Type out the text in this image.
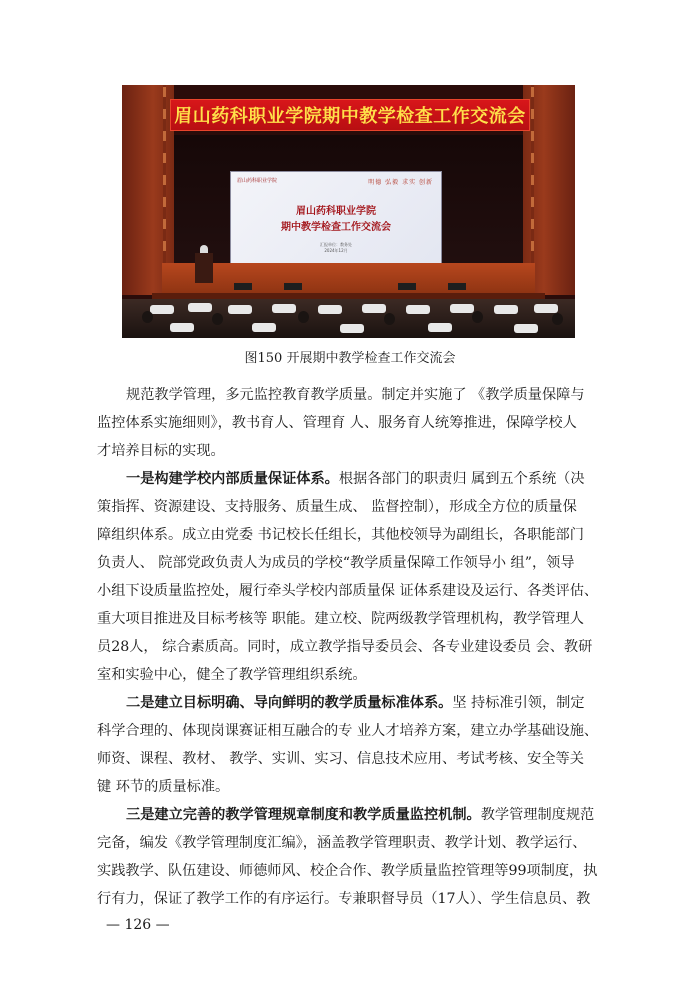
眉山药科职业学院期中教学检查工作交流会
眉山药科职业学院	明德 弘毅 求实 创新
眉山药科职业学院
期中教学检查工作交流会
汇报单位：教务处
2024年12月
图150 开展期中教学检查工作交流会
规范教学管理，多元监控教育教学质量。制定并实施了 《教学质量保障与
监控体系实施细则》，教书育人、管理育 人、服务育人统筹推进，保障学校人
才培养目标的实现。
一是构建学校内部质量保证体系。根据各部门的职责归 属到五个系统（决
策指挥、资源建设、支持服务、质量生成、 监督控制），形成全方位的质量保
障组织体系。成立由党委 书记校长任组长，其他校领导为副组长，各职能部门
负责人、 院部党政负责人为成员的学校“教学质量保障工作领导小 组”，领导
小组下设质量监控处，履行牵头学校内部质量保 证体系建设及运行、各类评估、
重大项目推进及目标考核等 职能。建立校、院两级教学管理机构，教学管理人
员28人， 综合素质高。同时，成立教学指导委员会、各专业建设委员 会、教研
室和实验中心，健全了教学管理组织系统。
二是建立目标明确、导向鲜明的教学质量标准体系。坚 持标准引领，制定
科学合理的、体现岗课赛证相互融合的专 业人才培养方案，建立办学基础设施、
师资、课程、教材、 教学、实训、实习、信息技术应用、考试考核、安全等关
键 环节的质量标准。
三是建立完善的教学管理规章制度和教学质量监控机制。教学管理制度规范
完备，编发《教学管理制度汇编》，涵盖教学管理职责、教学计划、教学运行、
实践教学、队伍建设、师德师风、校企合作、教学质量监控管理等99项制度，执
行有力，保证了教学工作的有序运行。专兼职督导员（17人）、学生信息员、教
— 126 —
